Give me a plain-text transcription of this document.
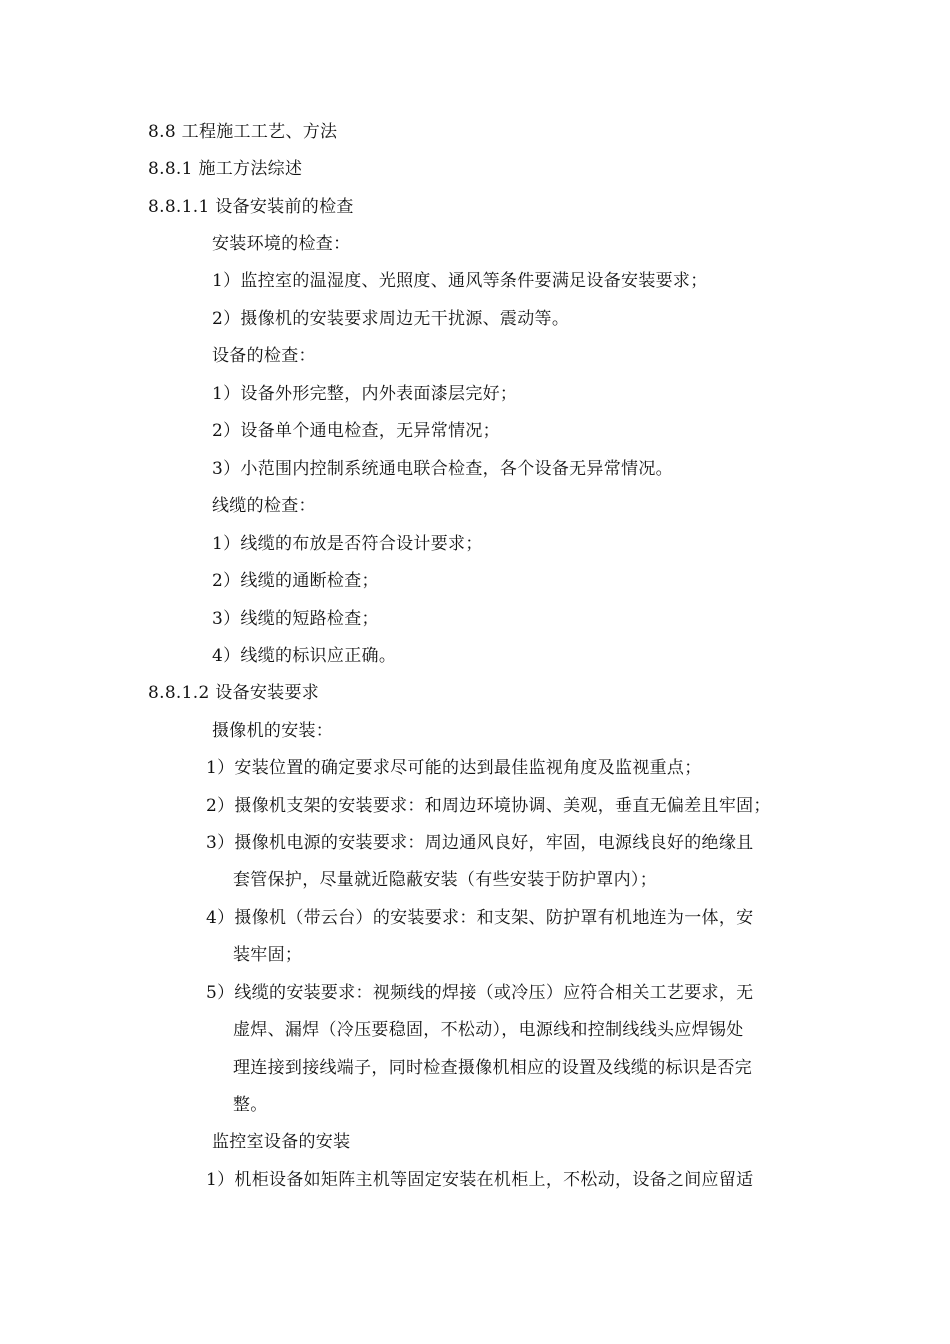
8.8 工程施工工艺、方法
8.8.1 施工方法综述
8.8.1.1 设备安装前的检查
安装环境的检查：
1）监控室的温湿度、光照度、通风等条件要满足设备安装要求；
2）摄像机的安装要求周边无干扰源、震动等。
设备的检查：
1）设备外形完整，内外表面漆层完好；
2）设备单个通电检查，无异常情况；
3）小范围内控制系统通电联合检查，各个设备无异常情况。
线缆的检查：
1）线缆的布放是否符合设计要求；
2）线缆的通断检查；
3）线缆的短路检查；
4）线缆的标识应正确。
8.8.1.2 设备安装要求
摄像机的安装：
1）安装位置的确定要求尽可能的达到最佳监视角度及监视重点；
2）摄像机支架的安装要求：和周边环境协调、美观，垂直无偏差且牢固；
3）摄像机电源的安装要求：周边通风良好，牢固，电源线良好的绝缘且
套管保护，尽量就近隐蔽安装（有些安装于防护罩内）；
4）摄像机（带云台）的安装要求：和支架、防护罩有机地连为一体，安
装牢固；
5）线缆的安装要求：视频线的焊接（或冷压）应符合相关工艺要求，无
虚焊、漏焊（冷压要稳固，不松动），电源线和控制线线头应焊锡处
理连接到接线端子，同时检查摄像机相应的设置及线缆的标识是否完
整。
监控室设备的安装
1）机柜设备如矩阵主机等固定安装在机柜上，不松动，设备之间应留适
